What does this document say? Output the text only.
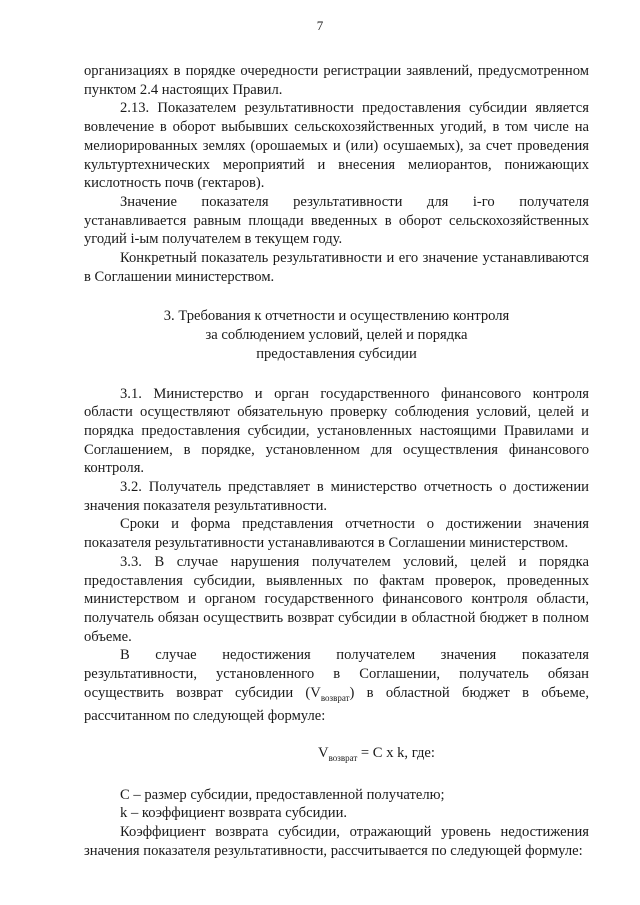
7

организациях в порядке очередности регистрации заявлений, предусмотренном пунктом 2.4 настоящих Правил.

2.13. Показателем результативности предоставления субсидии является вовлечение в оборот выбывших сельскохозяйственных угодий, в том числе на мелиорированных землях (орошаемых и (или) осушаемых), за счет проведения культуртехнических мероприятий и внесения мелиорантов, понижающих кислотность почв (гектаров).

Значение показателя результативности для i-го получателя устанавливается равным площади введенных в оборот сельскохозяйственных угодий i-ым получателем в текущем году.

Конкретный показатель результативности и его значение устанавливаются в Соглашении министерством.

3. Требования к отчетности и осуществлению контроля
за соблюдением условий, целей и порядка
предоставления субсидии

3.1. Министерство и орган государственного финансового контроля области осуществляют обязательную проверку соблюдения условий, целей и порядка предоставления субсидии, установленных настоящими Правилами и Соглашением, в порядке, установленном для осуществления финансового контроля.

3.2. Получатель представляет в министерство отчетность о достижении значения показателя результативности.

Сроки и форма представления отчетности о достижении значения показателя результативности устанавливаются в Соглашении министерством.

3.3. В случае нарушения получателем условий, целей и порядка предоставления субсидии, выявленных по фактам проверок, проведенных министерством и органом государственного финансового контроля области, получатель обязан осуществить возврат субсидии в областной бюджет в полном объеме.

В случае недостижения получателем значения показателя результативности, установленного в Соглашении, получатель обязан осуществить возврат субсидии $(V_{возврат})$ в областной бюджет в объеме, рассчитанном по следующей формуле:

$V_{возврат} = C$ x k, где:

C – размер субсидии, предоставленной получателю;

k – коэффициент возврата субсидии.

Коэффициент возврата субсидии, отражающий уровень недостижения значения показателя результативности, рассчитывается по следующей формуле:
